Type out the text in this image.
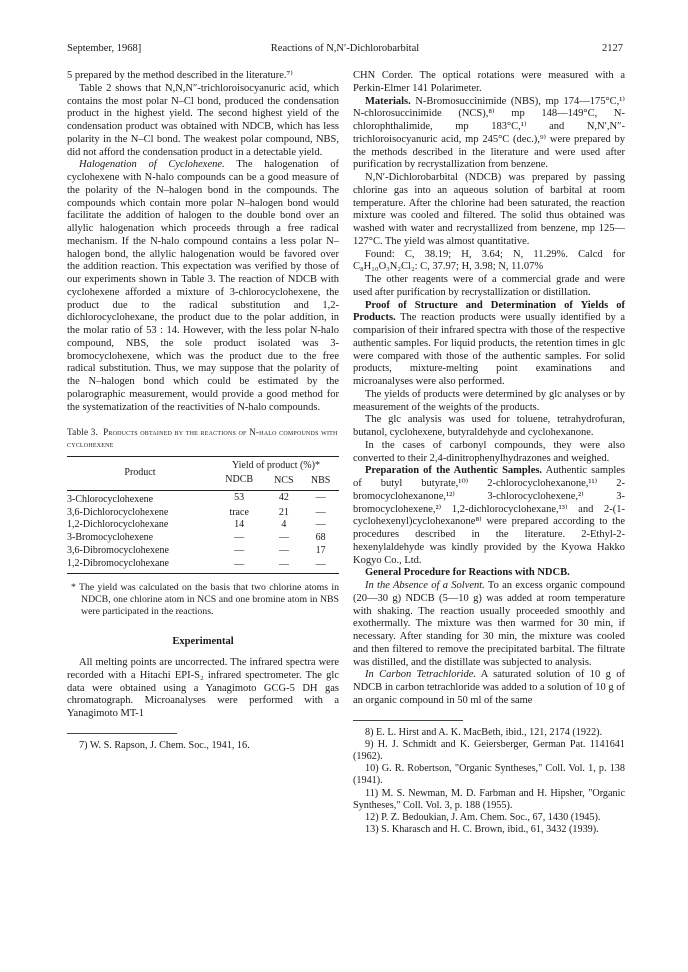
September, 1968]	Reactions of N,N′-Dichlorobarbital	2127

5 prepared by the method described in the literature.⁷⁾

Table 2 shows that N,N,N″-trichloroisocyanuric acid, which contains the most polar N–Cl bond, produced the condensation product in the highest yield. The second highest yield of the condensation product was obtained with NDCB, which has less polarity in the N–Cl bond. The weakest polar compound, NBS, did not afford the condensation product in a detectable yield.

Halogenation of Cyclohexene. The halogenation of cyclohexene with N-halo compounds can be a good measure of the polarity of the N–halogen bond in the compounds. The compounds which contain more polar N–halogen bond would facilitate the addition of halogen to the double bond over an allylic halogenation which proceeds through a free radical mechanism. If the N-halo compound contains a less polar N–halogen bond, the allylic halogenation would be favored over the addition reaction. This expectation was verified by those of our experiments shown in Table 3. The reaction of NDCB with cyclohexene afforded a mixture of 3-chlorocyclohexene, the product due to the radical substitution and 1,2-dichlorocyclohexane, the product due to the polar addition, in the molar ratio of 53 : 14. However, with the less polar N-halo compound, NBS, the sole product isolated was 3-bromocyclohexene, which was the product due to the free radical substitution. Thus, we may suppose that the polarity of the N–halogen bond which could be estimated by the polarographic measurement, would provide a good method for the systematization of the reactivities of N-halo compounds.

Table 3. Products obtained by the reactions of N-halo compounds with cyclohexene
Product	Yield of product (%)*		
	NDCB	NCS	NBS
3-Chlorocyclohexene	53	42	—
3,6-Dichlorocyclohexene	trace	21	—
1,2-Dichlorocyclohexane	14	4	—
3-Bromocyclohexene	—	—	68
3,6-Dibromocyclohexene	—	—	17
1,2-Dibromocyclohexane	—	—	—

* The yield was calculated on the basis that two chlorine atoms in NDCB, one chlorine atom in NCS and one bromine atom in NBS were participated in the reactions.

Experimental

All melting points are uncorrected. The infrared spectra were recorded with a Hitachi EPI-S₂ infrared spectrometer. The glc data were obtained using a Yanagimoto GCG-5 DH gas chromatograph. Microanalyses were performed with a Yanagimoto MT-1

7) W. S. Rapson, J. Chem. Soc., 1941, 16.

CHN Corder. The optical rotations were measured with a Perkin-Elmer 141 Polarimeter.

Materials. N-Bromosuccinimide (NBS), mp 174—175°C,¹⁾ N-chlorosuccinimide (NCS),⁸⁾ mp 148—149°C, N-chlorophthalimide, mp 183°C,¹⁾ and N,N′,N″-trichloroisocyanuric acid, mp 245°C (dec.),⁹⁾ were prepared by the methods described in the literature and were used after purification by recrystallization from benzene.

N,N′-Dichlorobarbital (NDCB) was prepared by passing chlorine gas into an aqueous solution of barbital at room temperature. After the chlorine had been saturated, the reaction mixture was cooled and filtered. The solid thus obtained was washed with water and recrystallized from benzene, mp 125—127°C. The yield was almost quantitative.

Found: C, 38.19; H, 3.64; N, 11.29%. Calcd for C₈H₁₀O₃N₂Cl₂: C, 37.97; H, 3.98; N, 11.07%

The other reagents were of a commercial grade and were used after purification by recrystallization or distillation.

Proof of Structure and Determination of Yields of Products. The reaction products were usually identified by a comparision of their infrared spectra with those of the respective authentic samples. For liquid products, the retention times in glc were compared with those of the authentic samples. For solid products, mixture-melting point examinations and microanalyses were also performed.

The yields of products were determined by glc analyses or by measurement of the weights of the products.

The glc analysis was used for toluene, tetrahydrofuran, butanol, cyclohexene, butyraldehyde and cyclohexanone.

In the cases of carbonyl compounds, they were also converted to their 2,4-dinitrophenylhydrazones and weighed.

Preparation of the Authentic Samples. Authentic samples of butyl butyrate,¹⁰⁾ 2-chlorocyclohexanone,¹¹⁾ 2-bromocyclohexanone,¹²⁾ 3-chlorocyclohexene,²⁾ 3-bromocyclohexene,²⁾ 1,2-dichlorocyclohexane,¹³⁾ and 2-(1-cyclohexenyl)cyclohexanone⁸⁾ were prepared according to the procedures described in the literature. 2-Ethyl-2-hexenylaldehyde was kindly provided by the Kyowa Hakko Kogyo Co., Ltd.

General Procedure for Reactions with NDCB.

In the Absence of a Solvent. To an excess organic compound (20—30 g) NDCB (5—10 g) was added at room temperature with shaking. The reaction usually proceeded smoothly and exothermally. The mixture was then warmed for 30 min, if necessary. After standing for 30 min, the mixture was cooled and then filtered to remove the precipitated barbital. The filtrate was distilled, and the distillate was subjected to analysis.

In Carbon Tetrachloride. A saturated solution of 10 g of NDCB in carbon tetrachloride was added to a solution of 10 g of an organic compound in 50 ml of the same

8) E. L. Hirst and A. K. MacBeth, ibid., 121, 2174 (1922).

9) H. J. Schmidt and K. Geiersberger, German Pat. 1141641 (1962).

10) G. R. Robertson, "Organic Syntheses," Coll. Vol. 1, p. 138 (1941).

11) M. S. Newman, M. D. Farbman and H. Hipsher, "Organic Syntheses," Coll. Vol. 3, p. 188 (1955).

12) P. Z. Bedoukian, J. Am. Chem. Soc., 67, 1430 (1945).

13) S. Kharasch and H. C. Brown, ibid., 61, 3432 (1939).
